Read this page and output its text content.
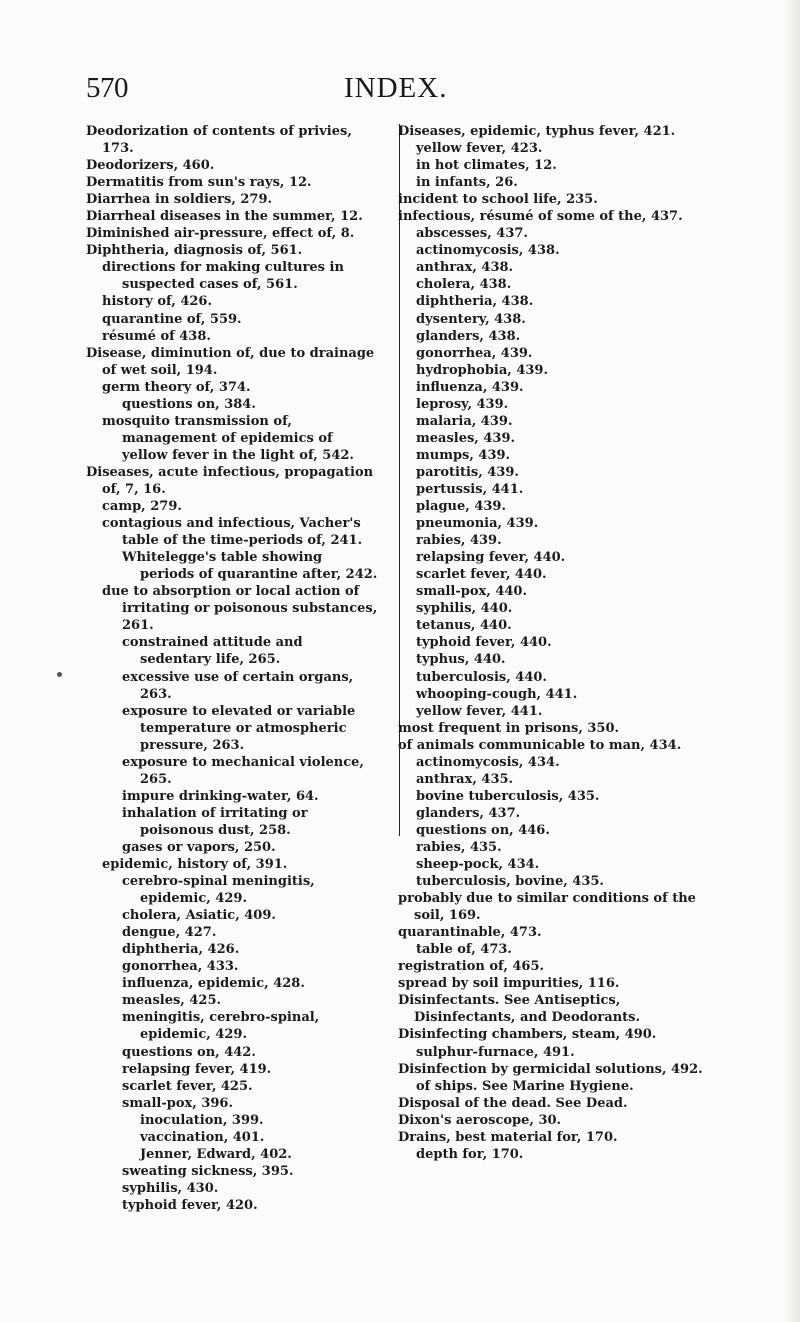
570	INDEX.
Deodorization of contents of privies, 173.
Deodorizers, 460.
Dermatitis from sun's rays, 12.
Diarrhea in soldiers, 279.
Diarrheal diseases in the summer, 12.
Diminished air-pressure, effect of, 8.
Diphtheria, diagnosis of, 561.
directions for making cultures in suspected cases of, 561.
history of, 426.
quarantine of, 559.
résumé of 438.
Disease, diminution of, due to drainage of wet soil, 194.
germ theory of, 374.
questions on, 384.
mosquito transmission of, management of epidemics of yellow fever in the light of, 542.
Diseases, acute infectious, propagation of, 7, 16.
camp, 279.
contagious and infectious, Vacher's table of the time-periods of, 241.
Whitelegge's table showing periods of quarantine after, 242.
due to absorption or local action of irritating or poisonous substances, 261.
constrained attitude and sedentary life, 265.
excessive use of certain organs, 263.
exposure to elevated or variable temperature or atmospheric pressure, 263.
exposure to mechanical violence, 265.
impure drinking-water, 64.
inhalation of irritating or poisonous dust, 258.
gases or vapors, 250.
epidemic, history of, 391.
cerebro-spinal meningitis, epidemic, 429.
cholera, Asiatic, 409.
dengue, 427.
diphtheria, 426.
gonorrhea, 433.
influenza, epidemic, 428.
measles, 425.
meningitis, cerebro-spinal, epidemic, 429.
questions on, 442.
relapsing fever, 419.
scarlet fever, 425.
small-pox, 396.
inoculation, 399.
vaccination, 401.
Jenner, Edward, 402.
sweating sickness, 395.
syphilis, 430.
typhoid fever, 420.
Diseases, epidemic, typhus fever, 421.
yellow fever, 423.
in hot climates, 12.
in infants, 26.
incident to school life, 235.
infectious, résumé of some of the, 437.
abscesses, 437.
actinomycosis, 438.
anthrax, 438.
cholera, 438.
diphtheria, 438.
dysentery, 438.
glanders, 438.
gonorrhea, 439.
hydrophobia, 439.
influenza, 439.
leprosy, 439.
malaria, 439.
measles, 439.
mumps, 439.
parotitis, 439.
pertussis, 441.
plague, 439.
pneumonia, 439.
rabies, 439.
relapsing fever, 440.
scarlet fever, 440.
small-pox, 440.
syphilis, 440.
tetanus, 440.
typhoid fever, 440.
typhus, 440.
tuberculosis, 440.
whooping-cough, 441.
yellow fever, 441.
most frequent in prisons, 350.
of animals communicable to man, 434.
actinomycosis, 434.
anthrax, 435.
bovine tuberculosis, 435.
glanders, 437.
questions on, 446.
rabies, 435.
sheep-pock, 434.
tuberculosis, bovine, 435.
probably due to similar conditions of the soil, 169.
quarantinable, 473.
table of, 473.
registration of, 465.
spread by soil impurities, 116.
Disinfectants. See Antiseptics, Disinfectants, and Deodorants.
Disinfecting chambers, steam, 490.
sulphur-furnace, 491.
Disinfection by germicidal solutions, 492.
of ships. See Marine Hygiene.
Disposal of the dead. See Dead.
Dixon's aeroscope, 30.
Drains, best material for, 170.
depth for, 170.
